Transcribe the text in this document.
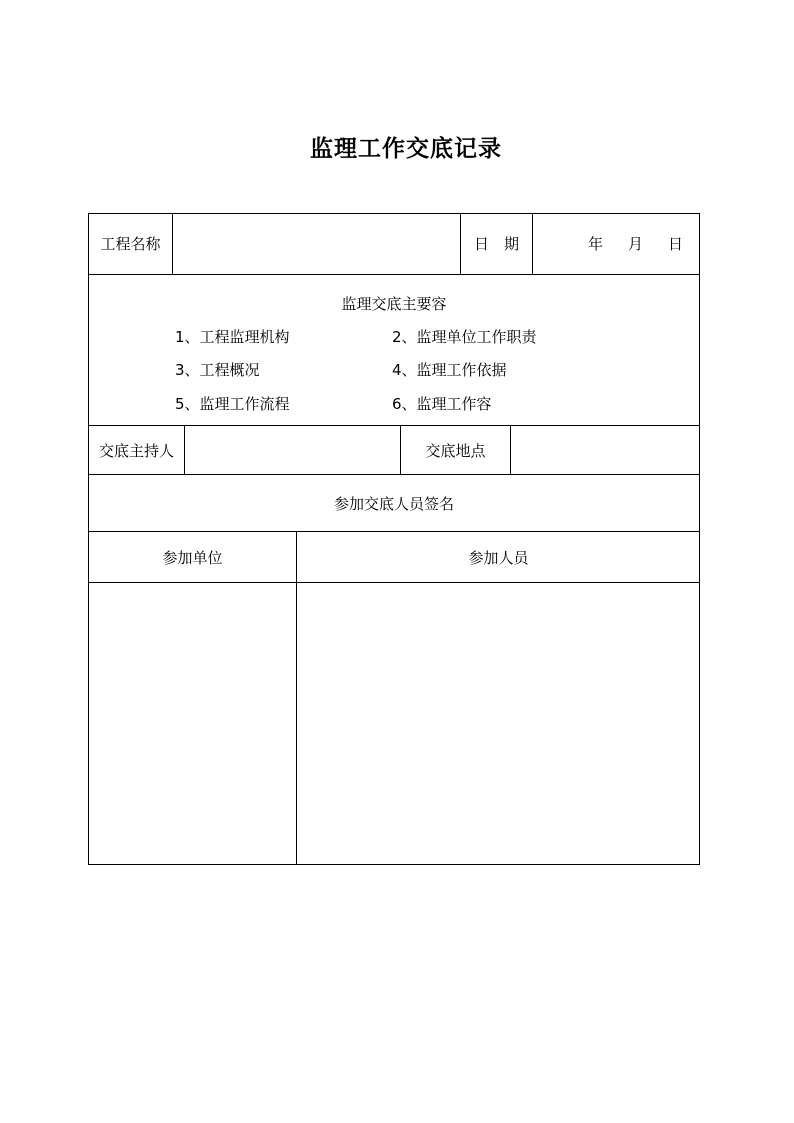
监理工作交底记录
工程名称	日　期	年 月 日
监理交底主要容
1、工程监理机构	2、监理单位工作职责
3、工程概况	4、监理工作依据
5、监理工作流程	6、监理工作容
交底主持人	交底地点
参加交底人员签名
参加单位	参加人员
